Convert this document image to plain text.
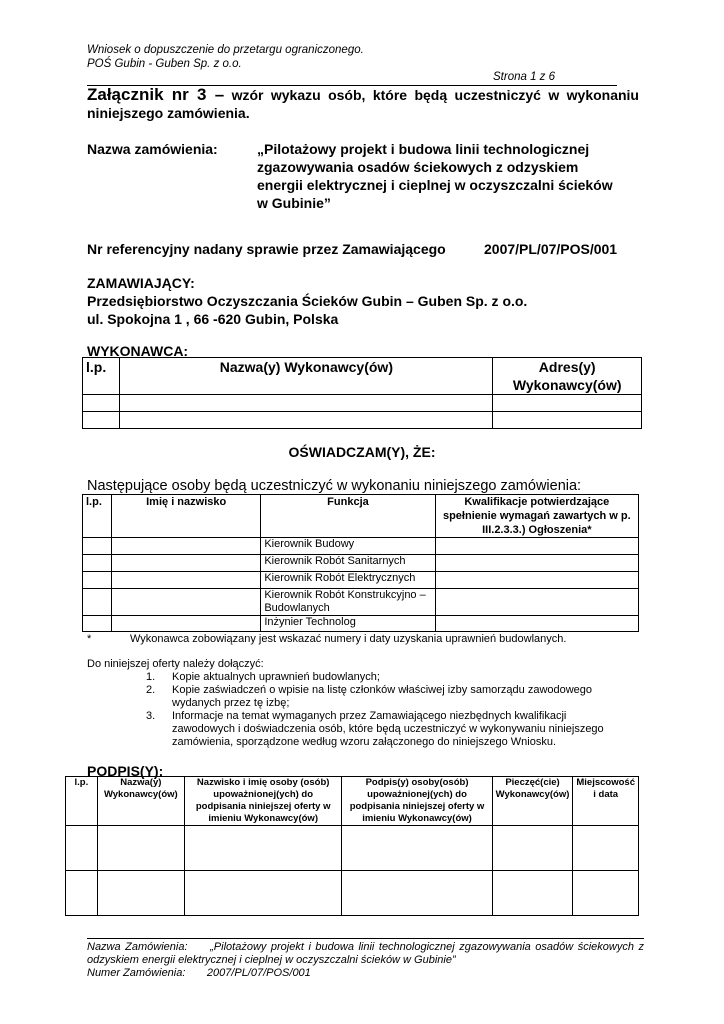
Wniosek o dopuszczenie do przetargu ograniczonego.
POŚ Gubin - Guben Sp. z o.o.
Strona 1 z 6
Załącznik nr 3 – wzór wykazu osób, które będą uczestniczyć w wykonaniu niniejszego zamówienia.
Nazwa zamówienia:	„Pilotażowy projekt i budowa linii technologicznej
zgazowywania osadów ściekowych z odzyskiem
energii elektrycznej i cieplnej w oczyszczalni ścieków
w Gubinie”
Nr referencyjny nadany sprawie przez Zamawiającego	2007/PL/07/POS/001
ZAMAWIAJĄCY:
Przedsiębiorstwo Oczyszczania Ścieków Gubin – Guben Sp. z o.o.
ul. Spokojna 1 , 66 -620 Gubin, Polska
WYKONAWCA:
l.p.	Nazwa(y) Wykonawcy(ów)	Adres(y) Wykonawcy(ów)

OŚWIADCZAM(Y), ŻE:
Następujące osoby będą uczestniczyć w wykonaniu niniejszego zamówienia:
l.p.	Imię i nazwisko	Funkcja	Kwalifikacje potwierdzające spełnienie wymagań zawartych w p. III.2.3.3.) Ogłoszenia*
		Kierownik Budowy	
		Kierownik Robót Sanitarnych	
		Kierownik Robót Elektrycznych	
		Kierownik Robót Konstrukcyjno – Budowlanych	
		Inżynier Technolog	
*	Wykonawca zobowiązany jest wskazać numery i daty uzyskania uprawnień budowlanych.
Do niniejszej oferty należy dołączyć:
1.	Kopie aktualnych uprawnień budowlanych;
2.	Kopie zaświadczeń o wpisie na listę członków właściwej izby samorządu zawodowego wydanych przez tę izbę;
3.	Informacje na temat wymaganych przez Zamawiającego niezbędnych kwalifikacji zawodowych i doświadczenia osób, które będą uczestniczyć w wykonywaniu niniejszego zamówienia, sporządzone według wzoru załączonego do niniejszego Wniosku.
PODPIS(Y):
l.p.	Nazwa(y) Wykonawcy(ów)	Nazwisko i imię osoby (osób) upoważnionej(ych) do podpisania niniejszej oferty w imieniu Wykonawcy(ów)	Podpis(y) osoby(osób) upoważnionej(ych) do podpisania niniejszej oferty w imieniu Wykonawcy(ów)	Pieczęć(cie) Wykonawcy(ów)	Miejscowość i data

Nazwa Zamówienia: „Pilotażowy projekt i budowa linii technologicznej zgazowywania osadów ściekowych z odzyskiem energii elektrycznej i cieplnej w oczyszczalni ścieków w Gubinie”
Numer Zamówienia: 2007/PL/07/POS/001
